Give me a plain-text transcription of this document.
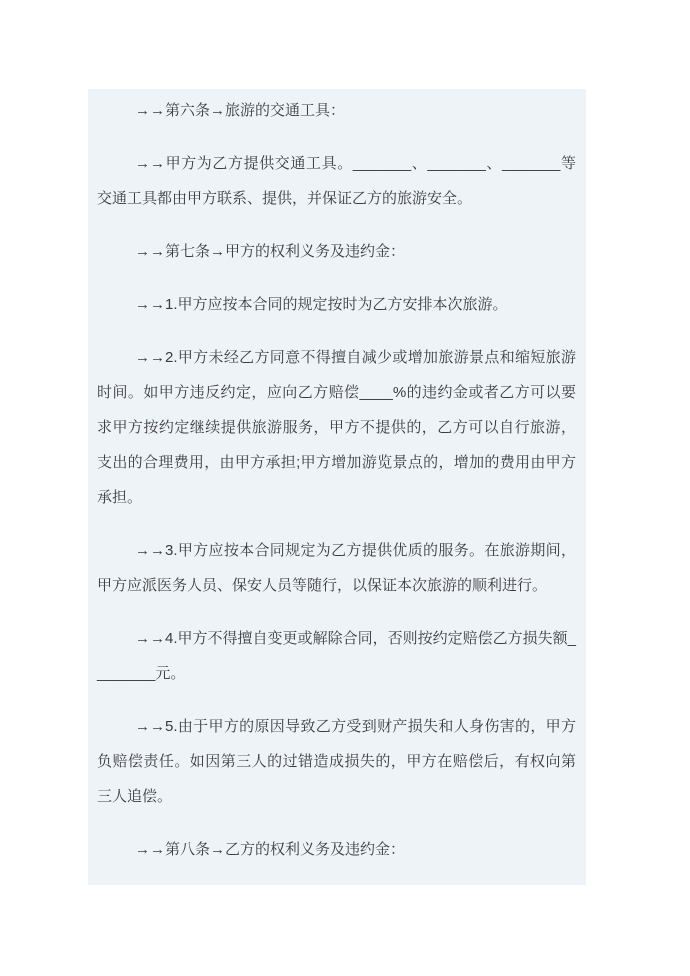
→→第六条→旅游的交通工具：

→→甲方为乙方提供交通工具。_______、_______、_______等交通工具都由甲方联系、提供，并保证乙方的旅游安全。

→→第七条→甲方的权利义务及违约金：

→→1.甲方应按本合同的规定按时为乙方安排本次旅游。

→→2.甲方未经乙方同意不得擅自减少或增加旅游景点和缩短旅游时间。如甲方违反约定，应向乙方赔偿____%的违约金或者乙方可以要求甲方按约定继续提供旅游服务，甲方不提供的，乙方可以自行旅游，支出的合理费用，由甲方承担;甲方增加游览景点的，增加的费用由甲方承担。

→→3.甲方应按本合同规定为乙方提供优质的服务。在旅游期间，甲方应派医务人员、保安人员等随行，以保证本次旅游的顺利进行。

→→4.甲方不得擅自变更或解除合同，否则按约定赔偿乙方损失额________元。

→→5.由于甲方的原因导致乙方受到财产损失和人身伤害的，甲方负赔偿责任。如因第三人的过错造成损失的，甲方在赔偿后，有权向第三人追偿。

→→第八条→乙方的权利义务及违约金：
